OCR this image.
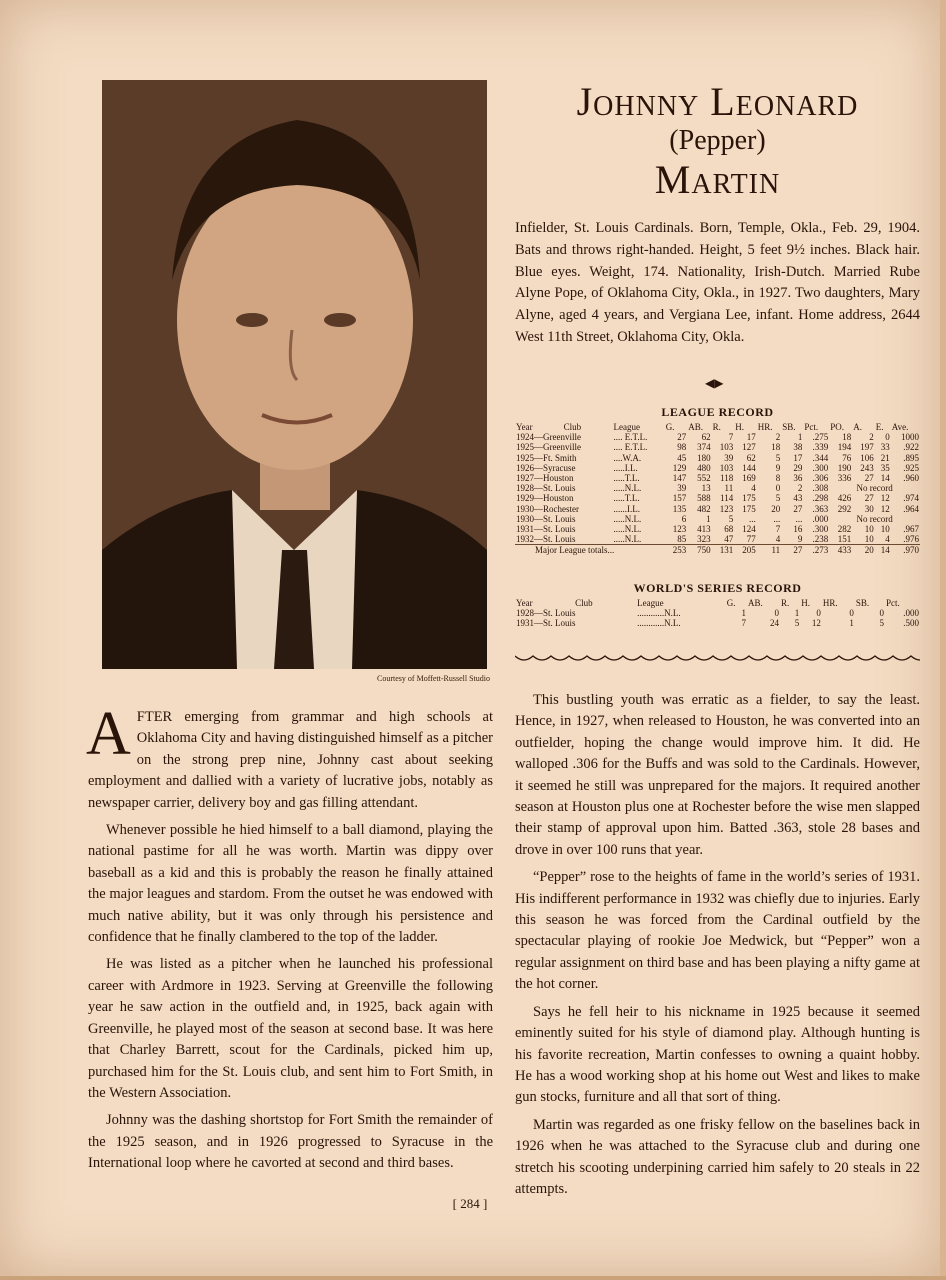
Courtesy of Moffett-Russell Studio
Johnny Leonard
(Pepper)
Martin
Infielder, St. Louis Cardinals. Born, Temple, Okla., Feb. 29, 1904. Bats and throws right-handed. Height, 5 feet 9½ inches. Black hair. Blue eyes. Weight, 174. Nationality, Irish-Dutch. Married Rube Alyne Pope, of Oklahoma City, Okla., in 1927. Two daughters, Mary Alyne, aged 4 years, and Vergiana Lee, infant. Home address, 2644 West 11th Street, Oklahoma City, Okla.
◀▶
LEAGUE RECORD
Year	Club	League	G.	AB.	R.	H.	HR.	SB.	Pct.	PO.	A.	E.	Ave.
1924—Greenville		.... E.T.L.	27	62	7	17	2	1	.275	18	2	0	1000
1925—Greenville		.... E.T.L.	98	374	103	127	18	38	.339	194	197	33	.922
1925—Ft. Smith		....W.A.	45	180	39	62	5	17	.344	76	106	21	.895
1926—Syracuse		.....I.L.	129	480	103	144	9	29	.300	190	243	35	.925
1927—Houston		.....T.L.	147	552	118	169	8	36	.306	336	27	14	.960
1928—St. Louis		.....N.L.	39	13	11	4	0	2	.308	No record			
1929—Houston		.....T.L.	157	588	114	175	5	43	.298	426	27	12	.974
1930—Rochester		......I.L.	135	482	123	175	20	27	.363	292	30	12	.964
1930—St. Louis		.....N.L.	6	1	5	...	...	...	.000	No record			
1931—St. Louis		.....N.L.	123	413	68	124	7	16	.300	282	10	10	.967
1932—St. Louis		.....N.L.	85	323	47	77	4	9	.238	151	10	4	.976
Major League totals...			253	750	131	205	11	27	.273	433	20	14	.970
WORLD'S SERIES RECORD
Year	Club	League	G.	AB.	R.	H.	HR.	SB.	Pct.
1928—St. Louis		............N.L.	1	0	1	0	0	0	.000
1931—St. Louis		............N.L.	7	24	5	12	1	5	.500

AFTER emerging from grammar and high schools at Oklahoma City and having distinguished himself as a pitcher on the strong prep nine, Johnny cast about seeking employment and dallied with a variety of lucrative jobs, notably as newspaper carrier, delivery boy and gas filling attendant.

Whenever possible he hied himself to a ball diamond, playing the national pastime for all he was worth. Martin was dippy over baseball as a kid and this is probably the reason he finally attained the major leagues and stardom. From the outset he was endowed with much native ability, but it was only through his persistence and confidence that he finally clambered to the top of the ladder.

He was listed as a pitcher when he launched his professional career with Ardmore in 1923. Serving at Greenville the following year he saw action in the outfield and, in 1925, back again with Greenville, he played most of the season at second base. It was here that Charley Barrett, scout for the Cardinals, picked him up, purchased him for the St. Louis club, and sent him to Fort Smith, in the Western Association.

Johnny was the dashing shortstop for Fort Smith the remainder of the 1925 season, and in 1926 progressed to Syracuse in the International loop where he cavorted at second and third bases.

This bustling youth was erratic as a fielder, to say the least. Hence, in 1927, when released to Houston, he was converted into an outfielder, hoping the change would improve him. It did. He walloped .306 for the Buffs and was sold to the Cardinals. However, it seemed he still was unprepared for the majors. It required another season at Houston plus one at Rochester before the wise men slapped their stamp of approval upon him. Batted .363, stole 28 bases and drove in over 100 runs that year.

“Pepper” rose to the heights of fame in the world’s series of 1931. His indifferent performance in 1932 was chiefly due to injuries. Early this season he was forced from the Cardinal outfield by the spectacular playing of rookie Joe Medwick, but “Pepper” won a regular assignment on third base and has been playing a nifty game at the hot corner.

Says he fell heir to his nickname in 1925 because it seemed eminently suited for his style of diamond play. Although hunting is his favorite recreation, Martin confesses to owning a quaint hobby. He has a wood working shop at his home out West and likes to make gun stocks, furniture and all that sort of thing.

Martin was regarded as one frisky fellow on the baselines back in 1926 when he was attached to the Syracuse club and during one stretch his scooting underpining carried him safely to 20 steals in 22 attempts.

[ 284 ]
